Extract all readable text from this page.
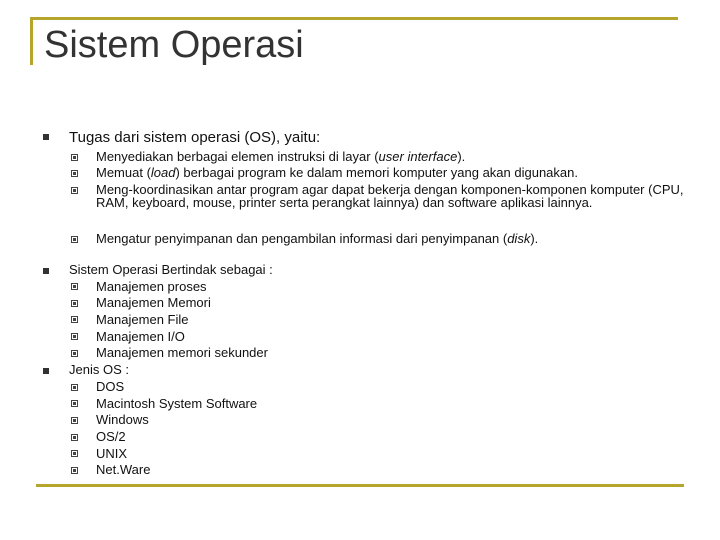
Sistem Operasi
Tugas dari sistem operasi (OS), yaitu:
Menyediakan berbagai elemen instruksi di layar (user interface).
Memuat (load) berbagai program ke dalam memori komputer yang akan digunakan.
Meng-koordinasikan antar program agar dapat bekerja dengan komponen-komponen komputer (CPU, RAM, keyboard, mouse, printer serta perangkat lainnya) dan software aplikasi lainnya.
Mengatur penyimpanan dan pengambilan informasi dari penyimpanan (disk).
Sistem Operasi Bertindak sebagai :
Manajemen proses
Manajemen Memori
Manajemen File
Manajemen I/O
Manajemen memori sekunder
Jenis OS :
DOS
Macintosh System Software
Windows
OS/2
UNIX
Net.Ware
